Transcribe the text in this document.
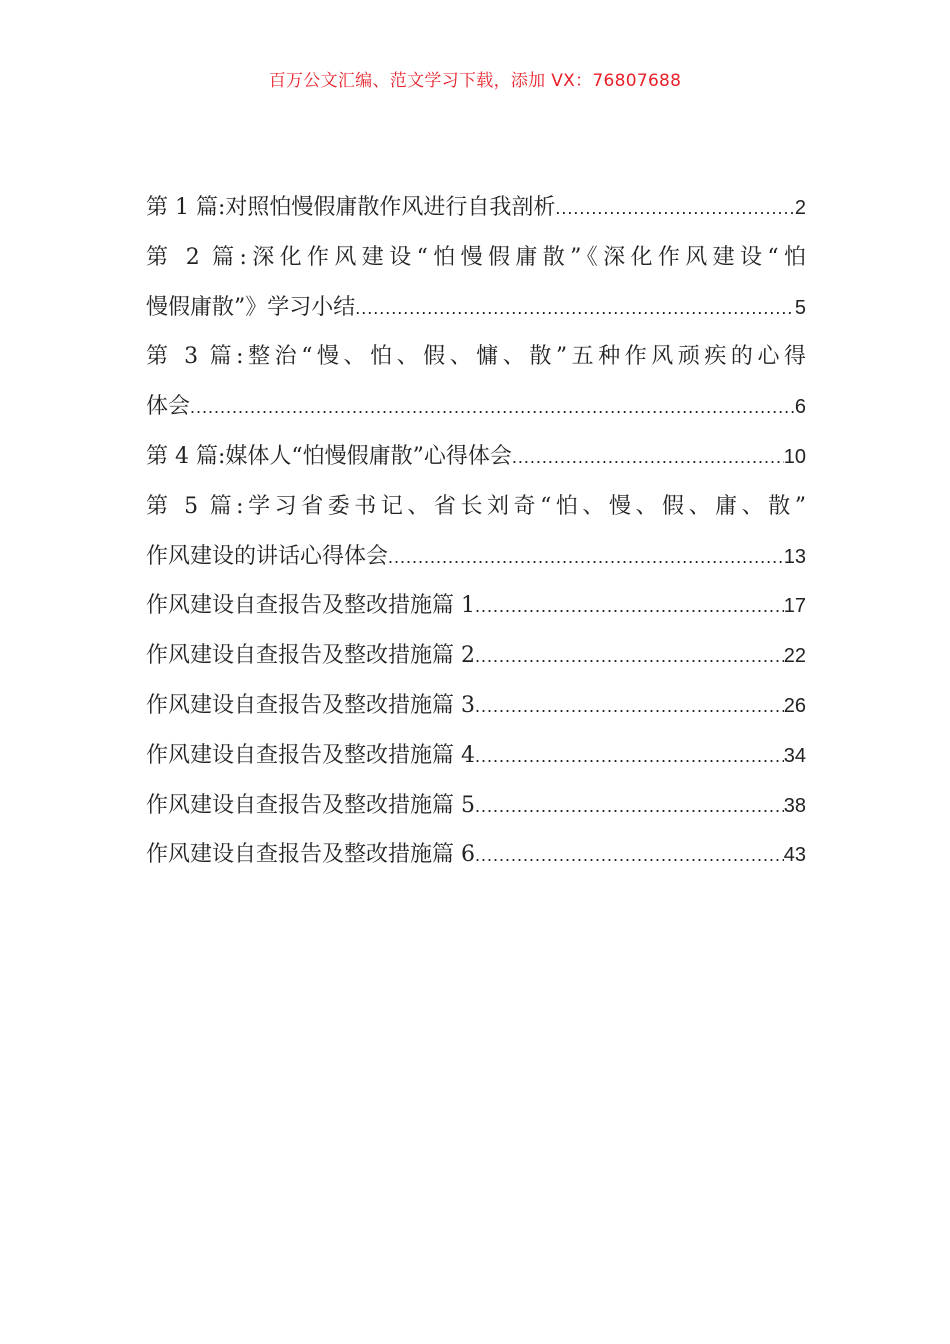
百万公文汇编、范文学习下载，添加 VX：76807688
第 1 篇:对照怕慢假庸散作风进行自我剖析 .....	2
第 2 篇:深化作风建设“怕慢假庸散”《深化作风建设“怕
慢假庸散”》学习小结 .....	5
第 3 篇:整治“慢、怕、假、慵、散”五种作风顽疾的心得
体会 .....	6
第 4 篇:媒体人“怕慢假庸散”心得体会 .....	10
第 5 篇:学习省委书记、省长刘奇“怕、慢、假、庸、散”
作风建设的讲话心得体会 .....	13
作风建设自查报告及整改措施篇 1 .....	17
作风建设自查报告及整改措施篇 2 .....	22
作风建设自查报告及整改措施篇 3 .....	26
作风建设自查报告及整改措施篇 4 .....	34
作风建设自查报告及整改措施篇 5 .....	38
作风建设自查报告及整改措施篇 6 .....	43
